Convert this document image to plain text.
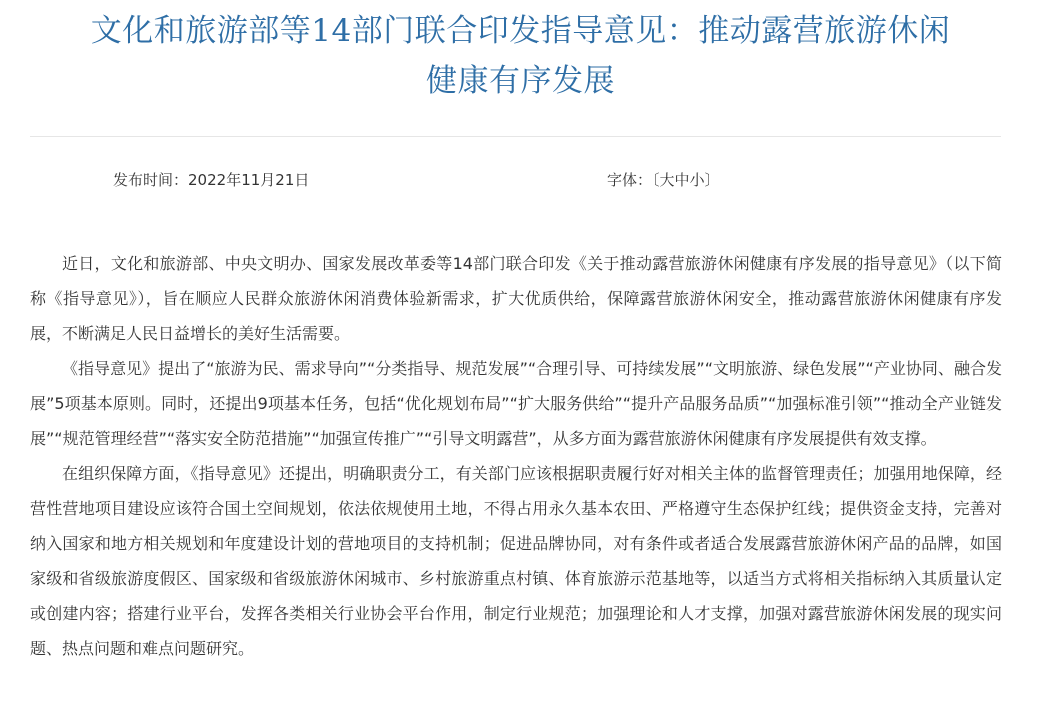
文化和旅游部等14部门联合印发指导意见：推动露营旅游休闲
健康有序发展
发布时间：2022年11月21日	字体：〔大中小〕

近日，文化和旅游部、中央文明办、国家发展改革委等14部门联合印发《关于推动露营旅游休闲健康有序发展的指导意见》（以下简称《指导意见》），旨在顺应人民群众旅游休闲消费体验新需求，扩大优质供给，保障露营旅游休闲安全，推动露营旅游休闲健康有序发展，不断满足人民日益增长的美好生活需要。

《指导意见》提出了“旅游为民、需求导向”“分类指导、规范发展”“合理引导、可持续发展”“文明旅游、绿色发展”“产业协同、融合发展”5项基本原则。同时，还提出9项基本任务，包括“优化规划布局”“扩大服务供给”“提升产品服务品质”“加强标准引领”“推动全产业链发展”“规范管理经营”“落实安全防范措施”“加强宣传推广”“引导文明露营”，从多方面为露营旅游休闲健康有序发展提供有效支撑。

在组织保障方面，《指导意见》还提出，明确职责分工，有关部门应该根据职责履行好对相关主体的监督管理责任；加强用地保障，经营性营地项目建设应该符合国土空间规划，依法依规使用土地，不得占用永久基本农田、严格遵守生态保护红线；提供资金支持，完善对纳入国家和地方相关规划和年度建设计划的营地项目的支持机制；促进品牌协同，对有条件或者适合发展露营旅游休闲产品的品牌，如国家级和省级旅游度假区、国家级和省级旅游休闲城市、乡村旅游重点村镇、体育旅游示范基地等，以适当方式将相关指标纳入其质量认定或创建内容；搭建行业平台，发挥各类相关行业协会平台作用，制定行业规范；加强理论和人才支撑，加强对露营旅游休闲发展的现实问题、热点问题和难点问题研究。
